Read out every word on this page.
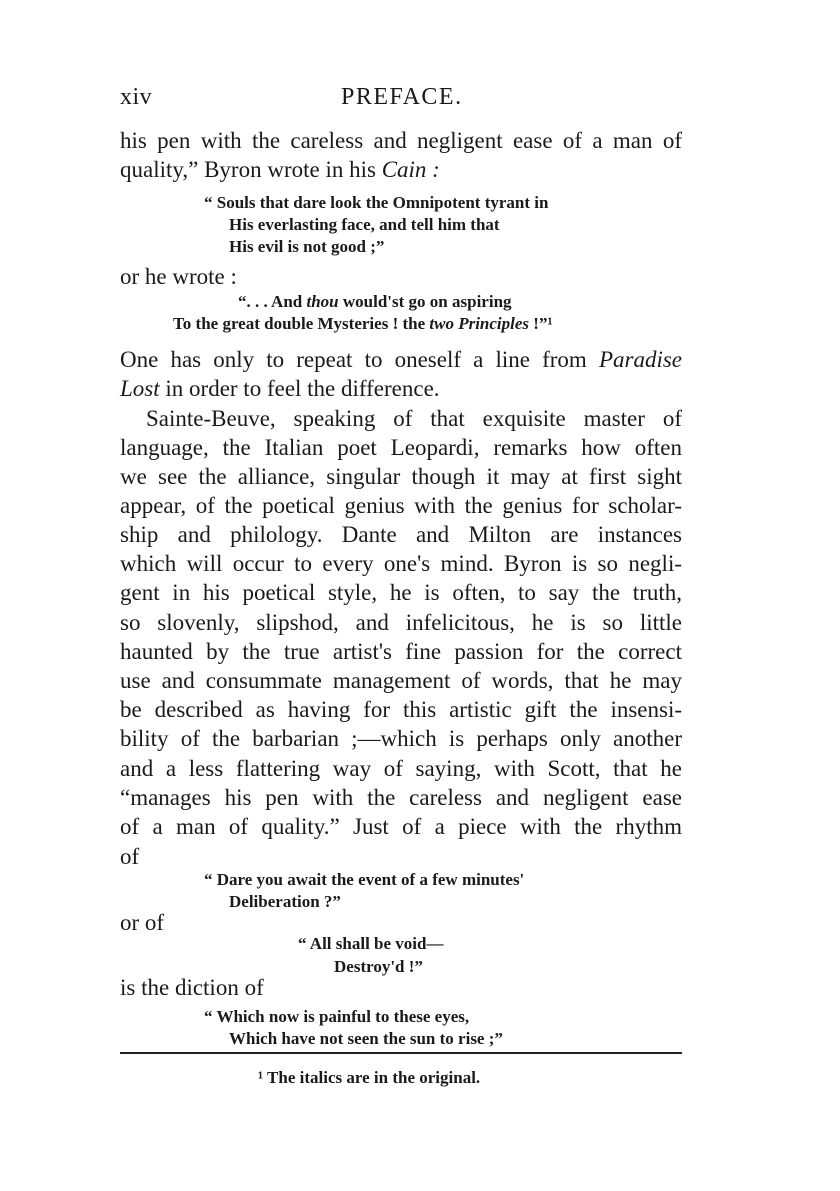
xiv	PREFACE.
his pen with the careless and negligent ease of a man of
quality,” Byron wrote in his Cain :
“ Souls that dare look the Omnipotent tyrant in
His everlasting face, and tell him that
His evil is not good ;”
or he wrote :
“. . . And thou would'st go on aspiring
To the great double Mysteries ! the two Principles !”¹
One has only to repeat to oneself a line from Paradise
Lost in order to feel the difference.
Sainte-Beuve, speaking of that exquisite master of
language, the Italian poet Leopardi, remarks how often
we see the alliance, singular though it may at first sight
appear, of the poetical genius with the genius for scholar-
ship and philology. Dante and Milton are instances
which will occur to every one's mind. Byron is so negli-
gent in his poetical style, he is often, to say the truth,
so slovenly, slipshod, and infelicitous, he is so little
haunted by the true artist's fine passion for the correct
use and consummate management of words, that he may
be described as having for this artistic gift the insensi-
bility of the barbarian ;—which is perhaps only another
and a less flattering way of saying, with Scott, that he
“manages his pen with the careless and negligent ease
of a man of quality.” Just of a piece with the rhythm
of
“ Dare you await the event of a few minutes'
Deliberation ?”
or of
“ All shall be void—
Destroy'd !”
is the diction of
“ Which now is painful to these eyes,
Which have not seen the sun to rise ;”
¹ The italics are in the original.
